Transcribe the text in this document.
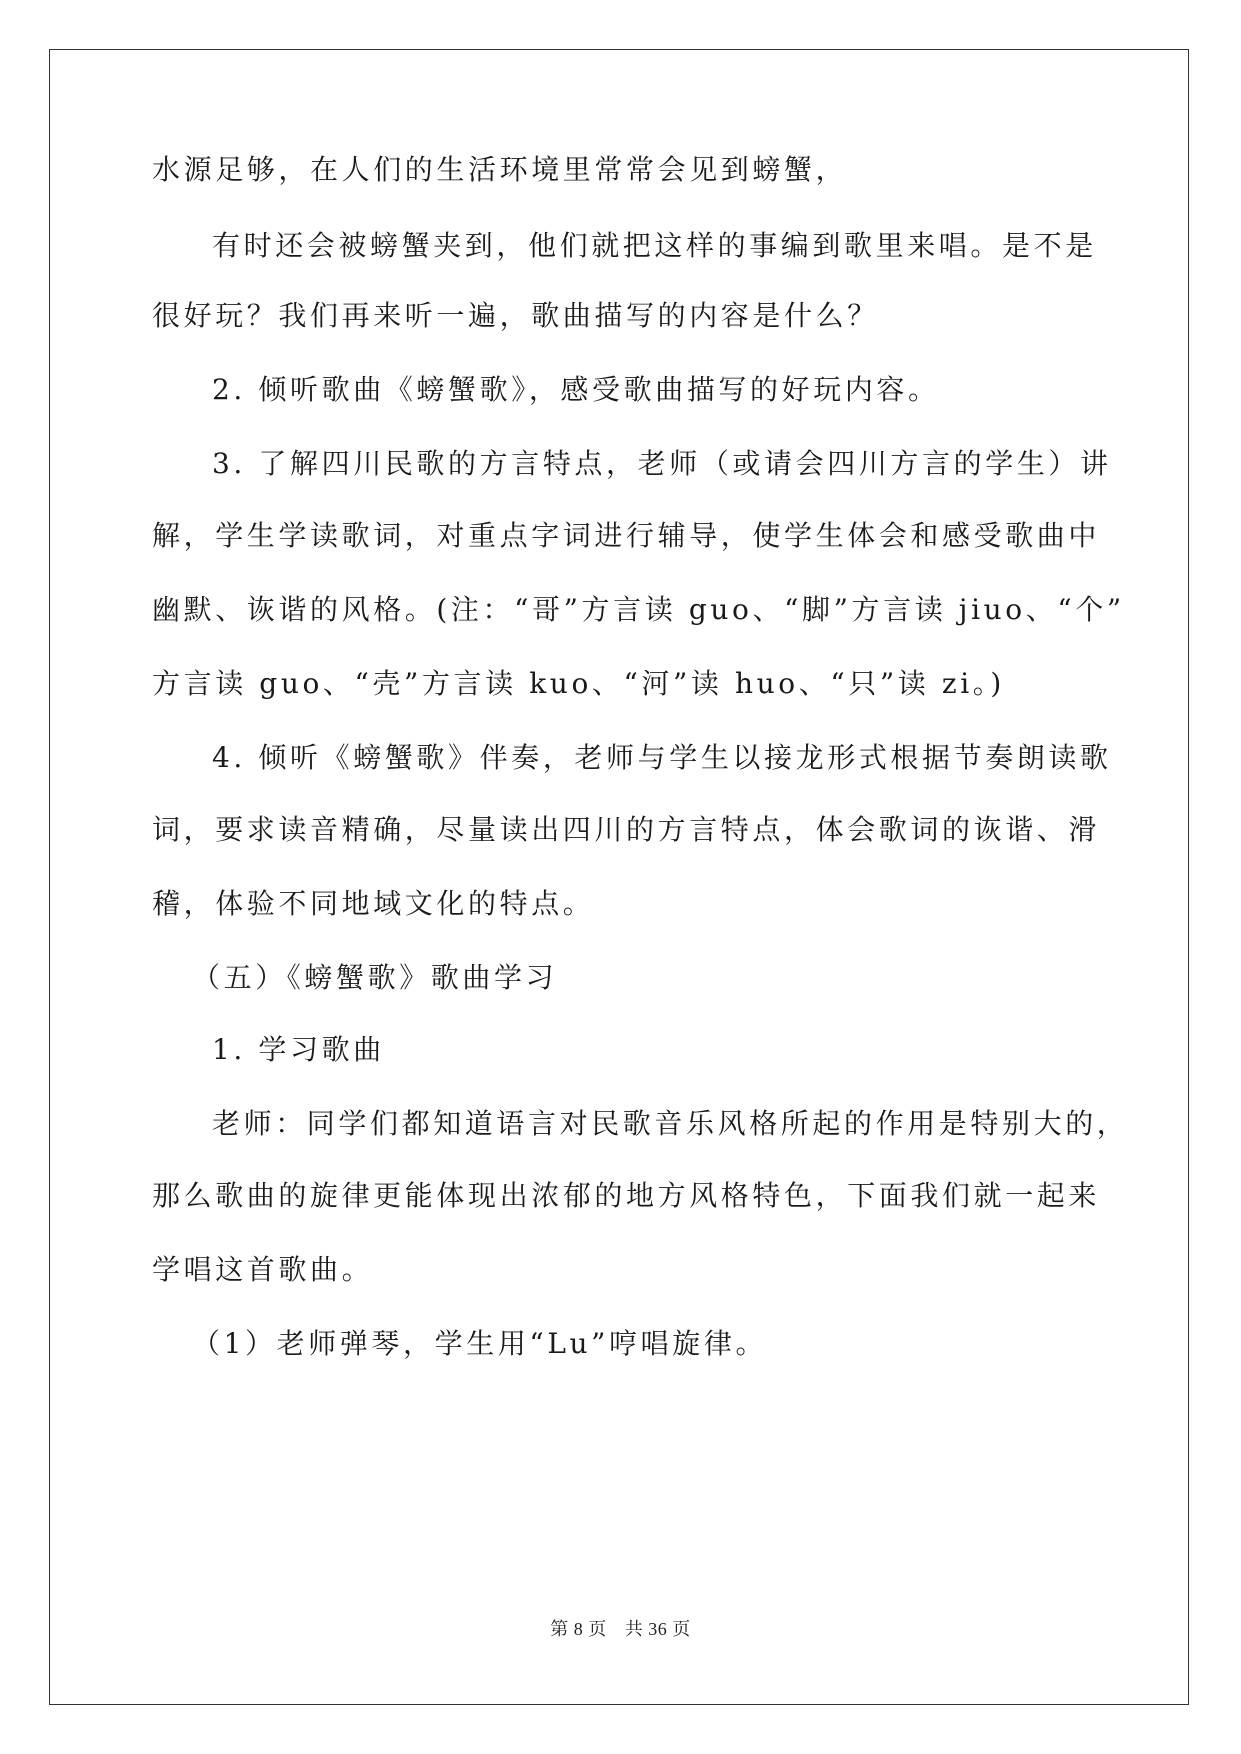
水源足够，在人们的生活环境里常常会见到螃蟹，
有时还会被螃蟹夹到，他们就把这样的事编到歌里来唱。是不是
很好玩？我们再来听一遍，歌曲描写的内容是什么？
2. 倾听歌曲《螃蟹歌》，感受歌曲描写的好玩内容。
3. 了解四川民歌的方言特点，老师（或请会四川方言的学生）讲
解，学生学读歌词，对重点字词进行辅导，使学生体会和感受歌曲中
幽默、诙谐的风格。(注：“哥”方言读 guo、“脚”方言读 jiuo、“个”
方言读 guo、“壳”方言读 kuo、“河”读 huo、“只”读 zi。)
4. 倾听《螃蟹歌》伴奏，老师与学生以接龙形式根据节奏朗读歌
词，要求读音精确，尽量读出四川的方言特点，体会歌词的诙谐、滑
稽，体验不同地域文化的特点。
（五）《螃蟹歌》歌曲学习
1. 学习歌曲
老师：同学们都知道语言对民歌音乐风格所起的作用是特别大的，
那么歌曲的旋律更能体现出浓郁的地方风格特色，下面我们就一起来
学唱这首歌曲。
（1）老师弹琴，学生用“Lu”哼唱旋律。
第 8 页 共 36 页
